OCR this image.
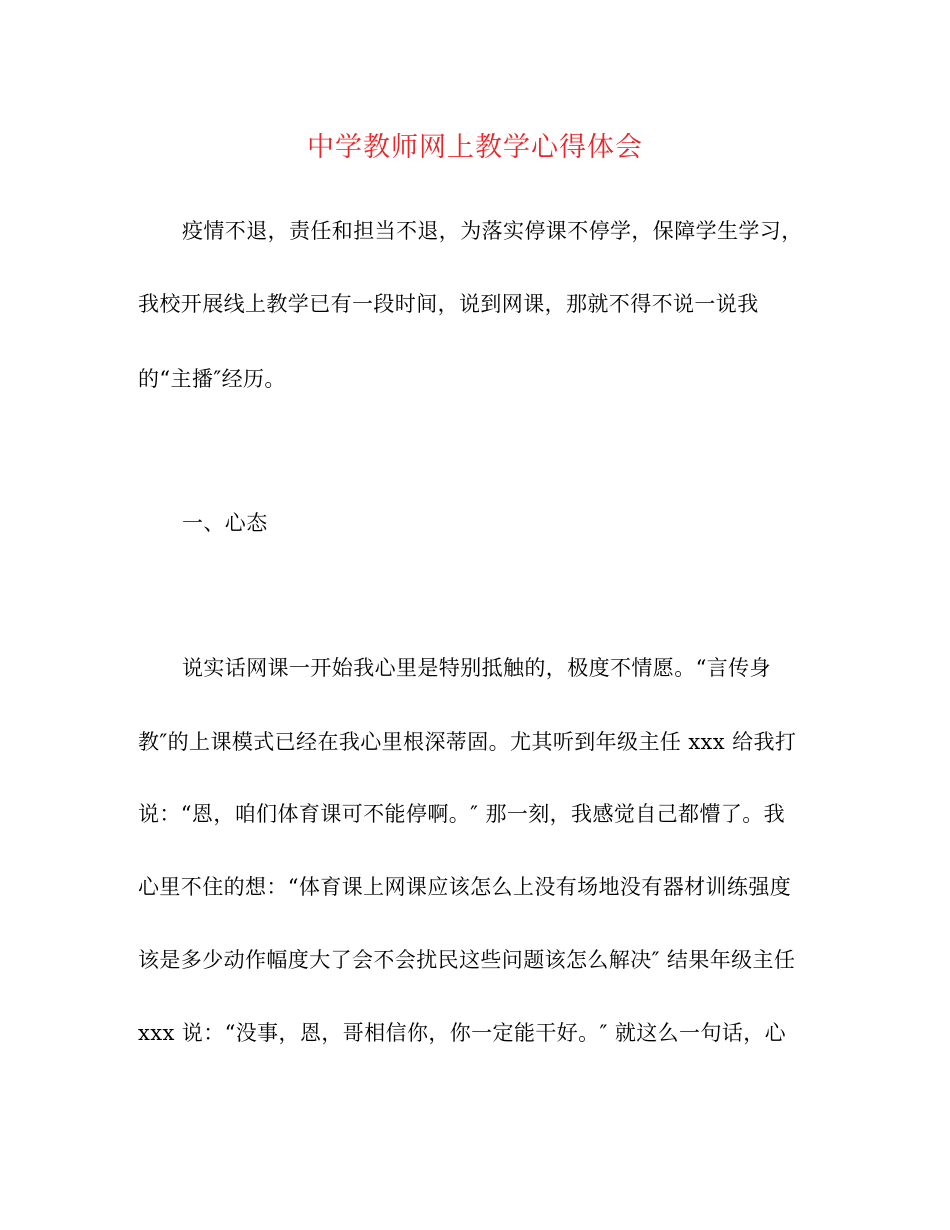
中学教师网上教学心得体会
疫情不退，责任和担当不退，为落实停课不停学，保障学生学习，
我校开展线上教学已有一段时间，说到网课，那就不得不说一说我
的“主播″经历。
一、心态
说实话网课一开始我心里是特别抵触的，极度不情愿。“言传身
教″的上课模式已经在我心里根深蒂固。尤其听到年级主任 xxx 给我打
说：“恩，咱们体育课可不能停啊。″ 那一刻，我感觉自己都懵了。我
心里不住的想：“体育课上网课应该怎么上没有场地没有器材训练强度
该是多少动作幅度大了会不会扰民这些问题该怎么解决″ 结果年级主任
xxx 说：“没事，恩，哥相信你，你一定能干好。″ 就这么一句话，心
